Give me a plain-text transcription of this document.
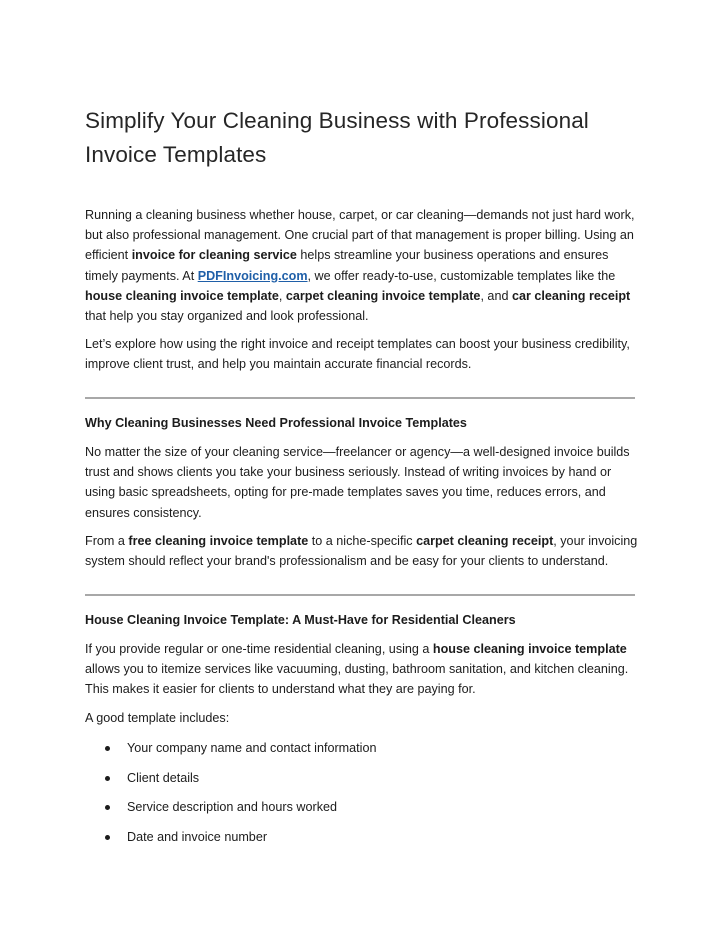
Simplify Your Cleaning Business with Professional Invoice Templates

Running a cleaning business whether house, carpet, or car cleaning—demands not just hard work, but also professional management. One crucial part of that management is proper billing. Using an efficient invoice for cleaning service helps streamline your business operations and ensures timely payments. At PDFInvoicing.com, we offer ready-to-use, customizable templates like the house cleaning invoice template, carpet cleaning invoice template, and car cleaning receipt that help you stay organized and look professional.

Let’s explore how using the right invoice and receipt templates can boost your business credibility, improve client trust, and help you maintain accurate financial records.

Why Cleaning Businesses Need Professional Invoice Templates

No matter the size of your cleaning service—freelancer or agency—a well-designed invoice builds trust and shows clients you take your business seriously. Instead of writing invoices by hand or using basic spreadsheets, opting for pre-made templates saves you time, reduces errors, and ensures consistency.

From a free cleaning invoice template to a niche-specific carpet cleaning receipt, your invoicing system should reflect your brand's professionalism and be easy for your clients to understand.

House Cleaning Invoice Template: A Must-Have for Residential Cleaners

If you provide regular or one-time residential cleaning, using a house cleaning invoice template allows you to itemize services like vacuuming, dusting, bathroom sanitation, and kitchen cleaning. This makes it easier for clients to understand what they are paying for.

A good template includes:

Your company name and contact information
Client details
Service description and hours worked
Date and invoice number
